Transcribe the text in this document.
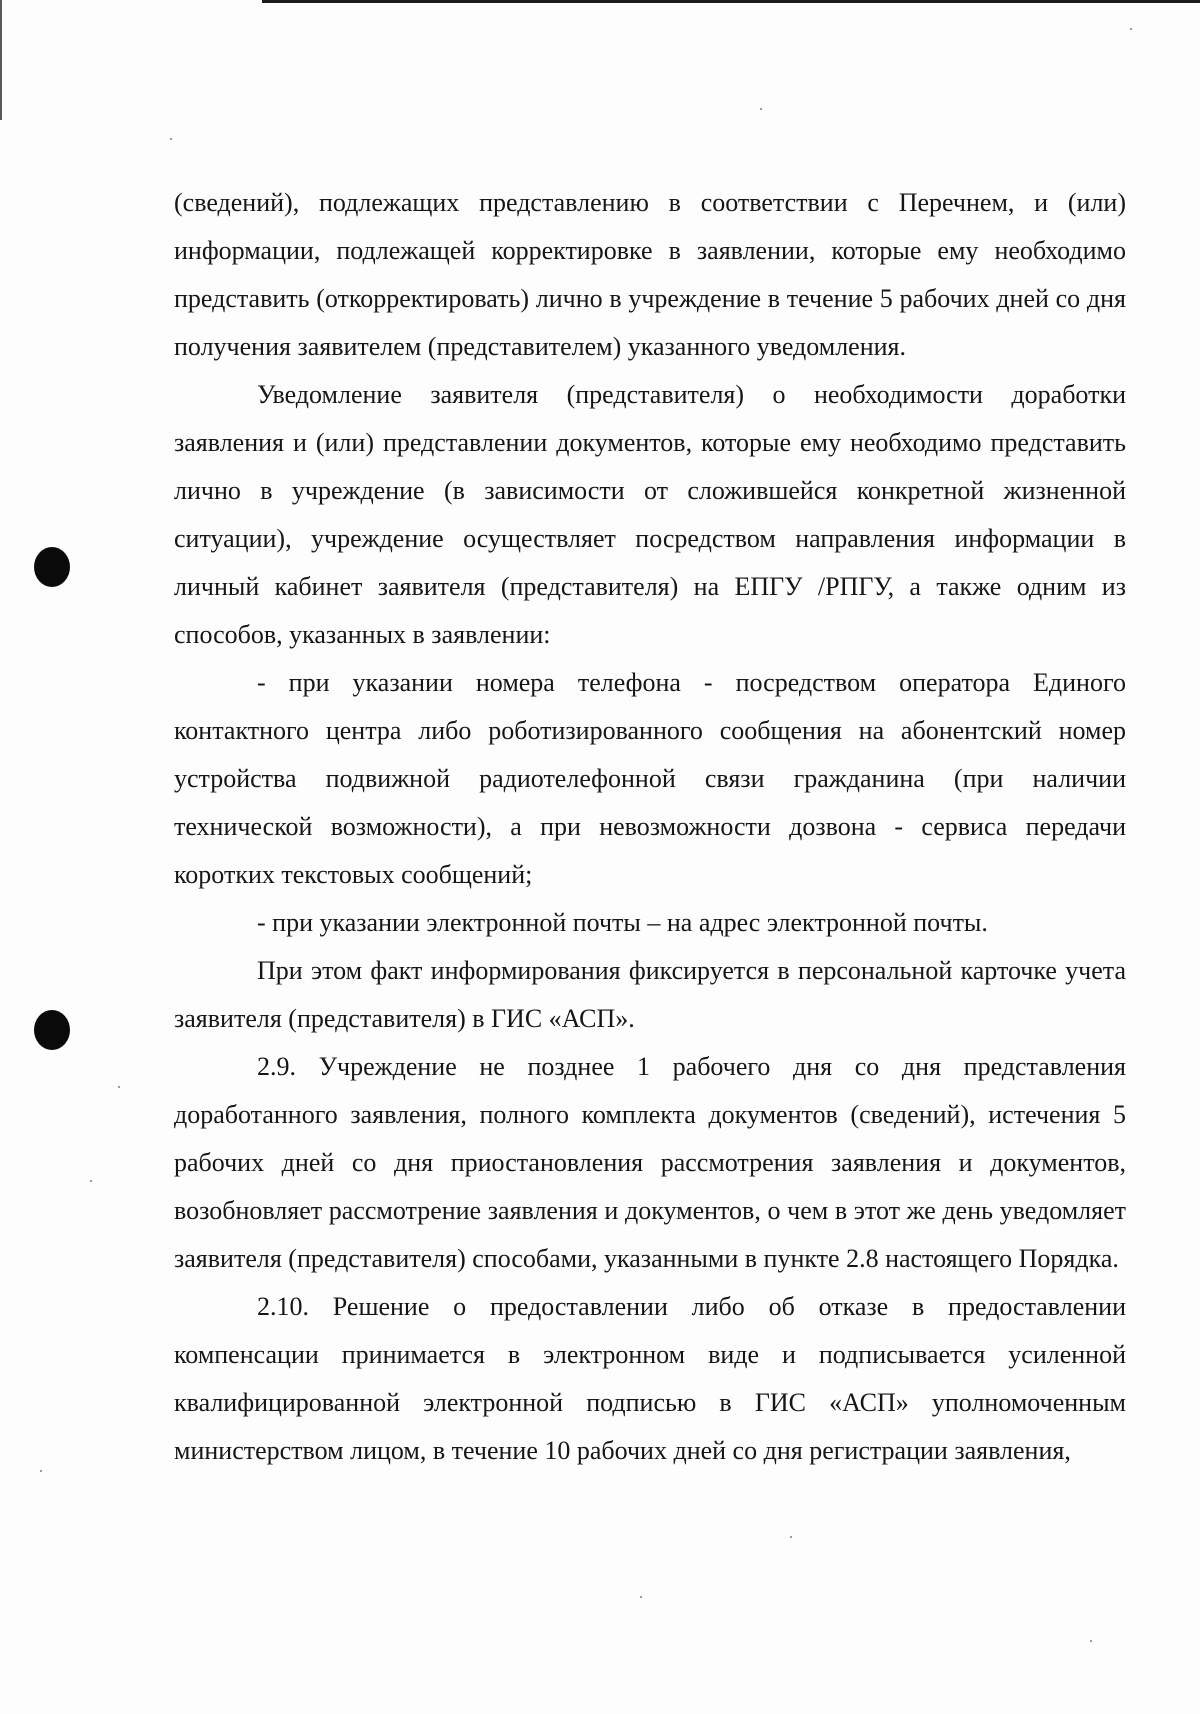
(сведений), подлежащих представлению в соответствии с Перечнем, и (или) информации, подлежащей корректировке в заявлении, которые ему необходимо представить (откорректировать) лично в учреждение в течение 5 рабочих дней со дня получения заявителем (представителем) указанного уведомления.

Уведомление заявителя (представителя) о необходимости доработки заявления и (или) представлении документов, которые ему необходимо представить лично в учреждение (в зависимости от сложившейся конкретной жизненной ситуации), учреждение осуществляет посредством направления информации в личный кабинет заявителя (представителя) на ЕПГУ /РПГУ, а также одним из способов, указанных в заявлении:

- при указании номера телефона - посредством оператора Единого контактного центра либо роботизированного сообщения на абонентский номер устройства подвижной радиотелефонной связи гражданина (при наличии технической возможности), а при невозможности дозвона - сервиса передачи коротких текстовых сообщений;

- при указании электронной почты – на адрес электронной почты.

При этом факт информирования фиксируется в персональной карточке учета заявителя (представителя) в ГИС «АСП».

2.9. Учреждение не позднее 1 рабочего дня со дня представления доработанного заявления, полного комплекта документов (сведений), истечения 5 рабочих дней со дня приостановления рассмотрения заявления и документов, возобновляет рассмотрение заявления и документов, о чем в этот же день уведомляет заявителя (представителя) способами, указанными в пункте 2.8 настоящего Порядка.

2.10. Решение о предоставлении либо об отказе в предоставлении компенсации принимается в электронном виде и подписывается усиленной квалифицированной электронной подписью в ГИС «АСП» уполномоченным министерством лицом, в течение 10 рабочих дней со дня регистрации заявления,
